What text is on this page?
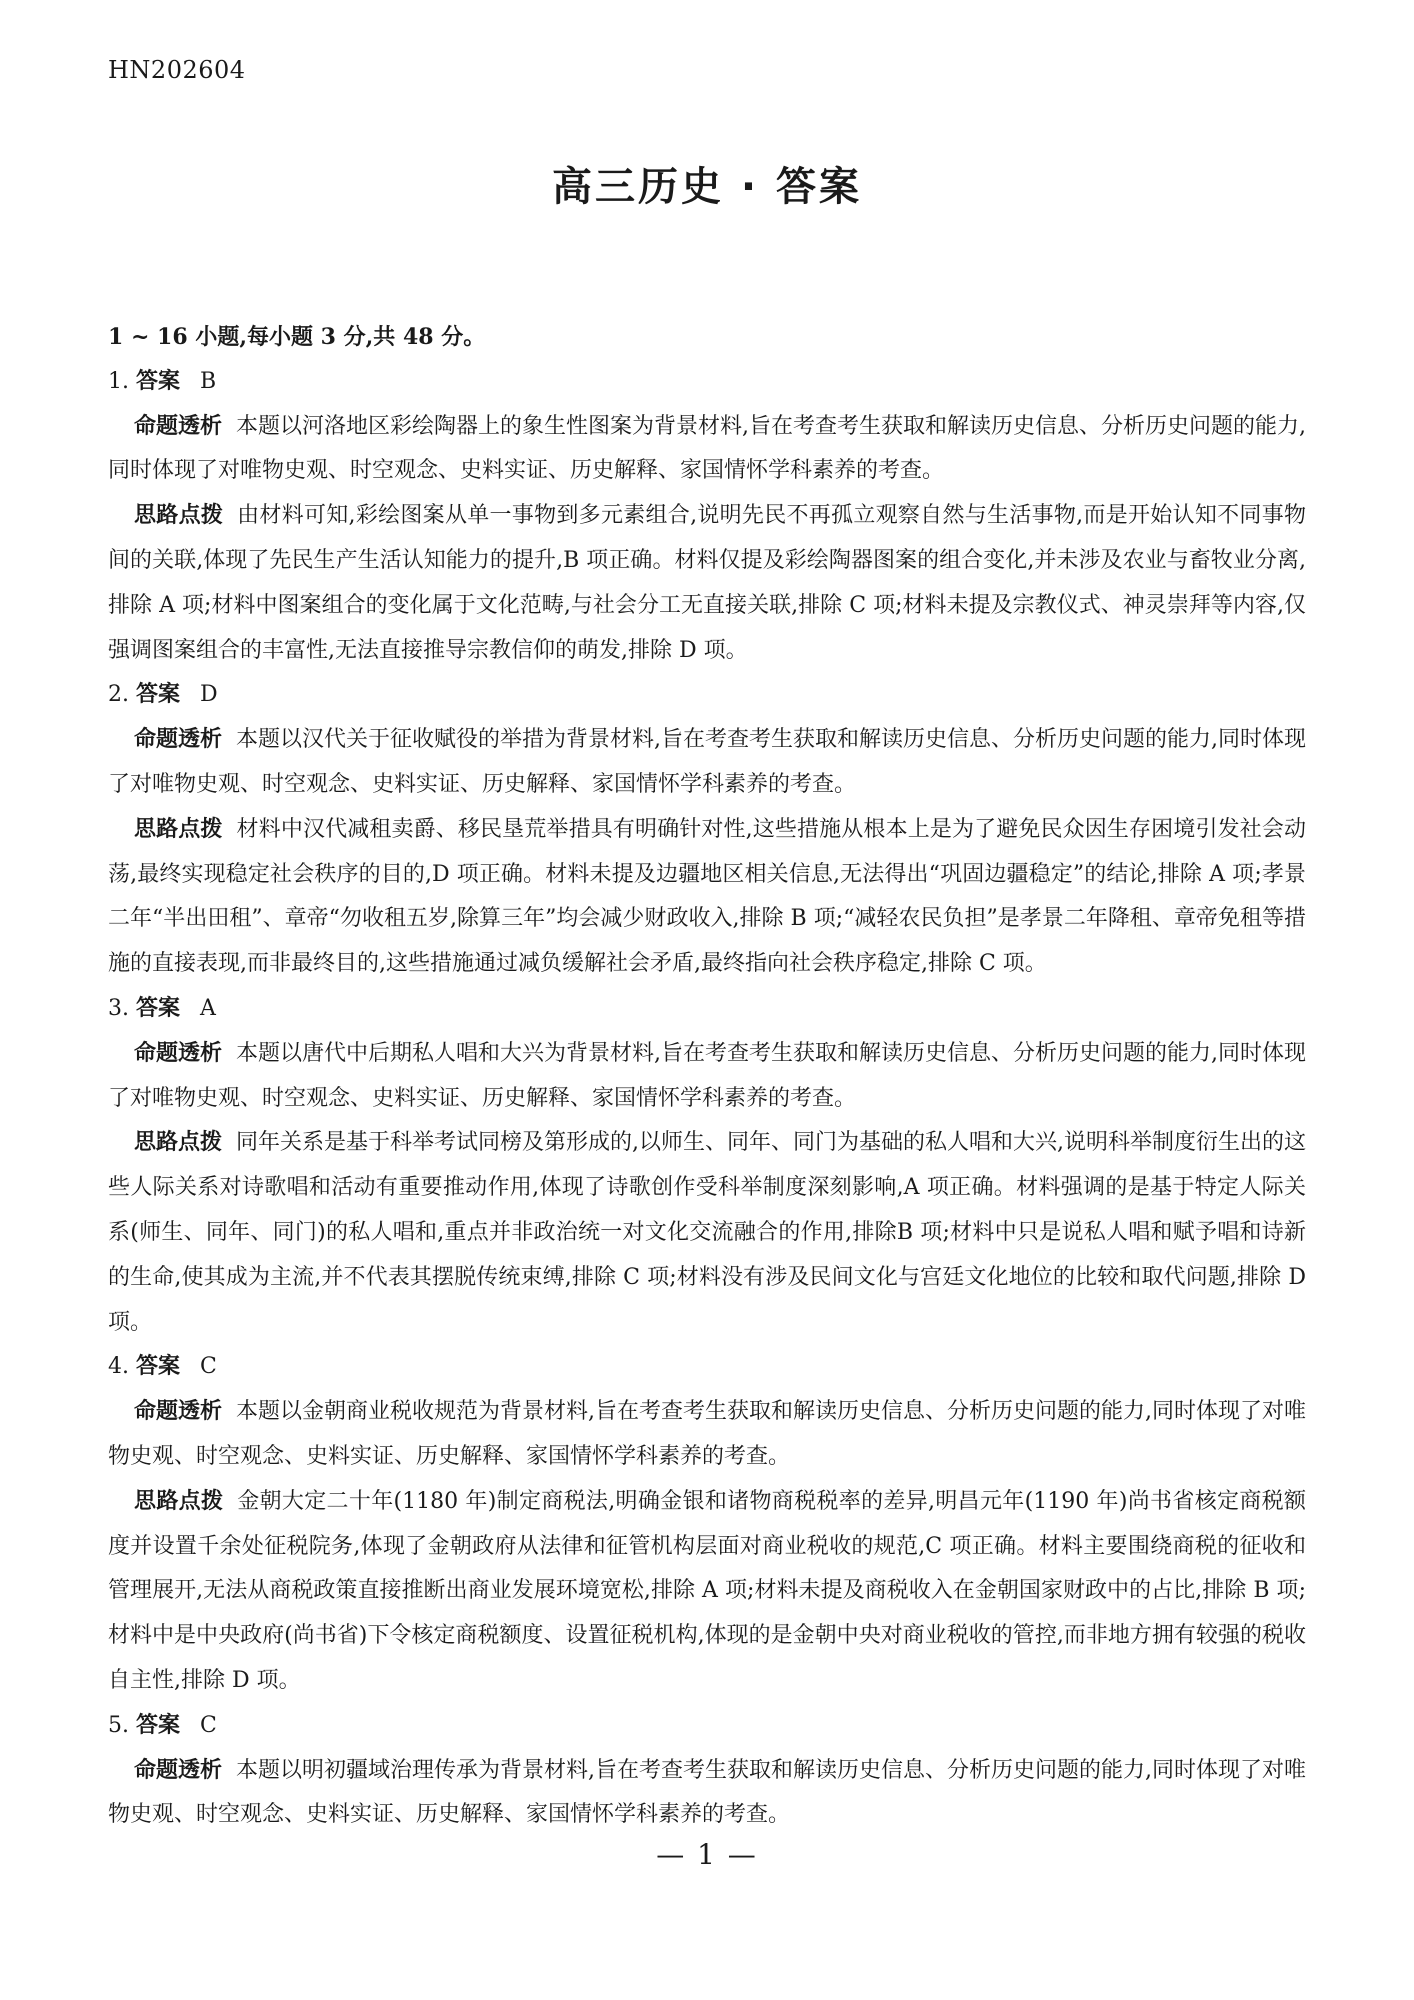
HN202604
高三历史 · 答案

1 ~ 16 小题,每小题 3 分,共 48 分。

1. 答案 B

命题透析 本题以河洛地区彩绘陶器上的象生性图案为背景材料,旨在考查考生获取和解读历史信息、分析历史问题的能力,同时体现了对唯物史观、时空观念、史料实证、历史解释、家国情怀学科素养的考查。

思路点拨 由材料可知,彩绘图案从单一事物到多元素组合,说明先民不再孤立观察自然与生活事物,而是开始认知不同事物间的关联,体现了先民生产生活认知能力的提升,B 项正确。材料仅提及彩绘陶器图案的组合变化,并未涉及农业与畜牧业分离,排除 A 项;材料中图案组合的变化属于文化范畴,与社会分工无直接关联,排除 C 项;材料未提及宗教仪式、神灵崇拜等内容,仅强调图案组合的丰富性,无法直接推导宗教信仰的萌发,排除 D 项。

2. 答案 D

命题透析 本题以汉代关于征收赋役的举措为背景材料,旨在考查考生获取和解读历史信息、分析历史问题的能力,同时体现了对唯物史观、时空观念、史料实证、历史解释、家国情怀学科素养的考查。

思路点拨 材料中汉代减租卖爵、移民垦荒举措具有明确针对性,这些措施从根本上是为了避免民众因生存困境引发社会动荡,最终实现稳定社会秩序的目的,D 项正确。材料未提及边疆地区相关信息,无法得出“巩固边疆稳定”的结论,排除 A 项;孝景二年“半出田租”、章帝“勿收租五岁,除算三年”均会减少财政收入,排除 B 项;“减轻农民负担”是孝景二年降租、章帝免租等措施的直接表现,而非最终目的,这些措施通过减负缓解社会矛盾,最终指向社会秩序稳定,排除 C 项。

3. 答案 A

命题透析 本题以唐代中后期私人唱和大兴为背景材料,旨在考查考生获取和解读历史信息、分析历史问题的能力,同时体现了对唯物史观、时空观念、史料实证、历史解释、家国情怀学科素养的考查。

思路点拨 同年关系是基于科举考试同榜及第形成的,以师生、同年、同门为基础的私人唱和大兴,说明科举制度衍生出的这些人际关系对诗歌唱和活动有重要推动作用,体现了诗歌创作受科举制度深刻影响,A 项正确。材料强调的是基于特定人际关系(师生、同年、同门)的私人唱和,重点并非政治统一对文化交流融合的作用,排除B 项;材料中只是说私人唱和赋予唱和诗新的生命,使其成为主流,并不代表其摆脱传统束缚,排除 C 项;材料没有涉及民间文化与宫廷文化地位的比较和取代问题,排除 D 项。

4. 答案 C

命题透析 本题以金朝商业税收规范为背景材料,旨在考查考生获取和解读历史信息、分析历史问题的能力,同时体现了对唯物史观、时空观念、史料实证、历史解释、家国情怀学科素养的考查。

思路点拨 金朝大定二十年(1180 年)制定商税法,明确金银和诸物商税税率的差异,明昌元年(1190 年)尚书省核定商税额度并设置千余处征税院务,体现了金朝政府从法律和征管机构层面对商业税收的规范,C 项正确。材料主要围绕商税的征收和管理展开,无法从商税政策直接推断出商业发展环境宽松,排除 A 项;材料未提及商税收入在金朝国家财政中的占比,排除 B 项;材料中是中央政府(尚书省)下令核定商税额度、设置征税机构,体现的是金朝中央对商业税收的管控,而非地方拥有较强的税收自主性,排除 D 项。

5. 答案 C

命题透析 本题以明初疆域治理传承为背景材料,旨在考查考生获取和解读历史信息、分析历史问题的能力,同时体现了对唯物史观、时空观念、史料实证、历史解释、家国情怀学科素养的考查。

— 1 —
